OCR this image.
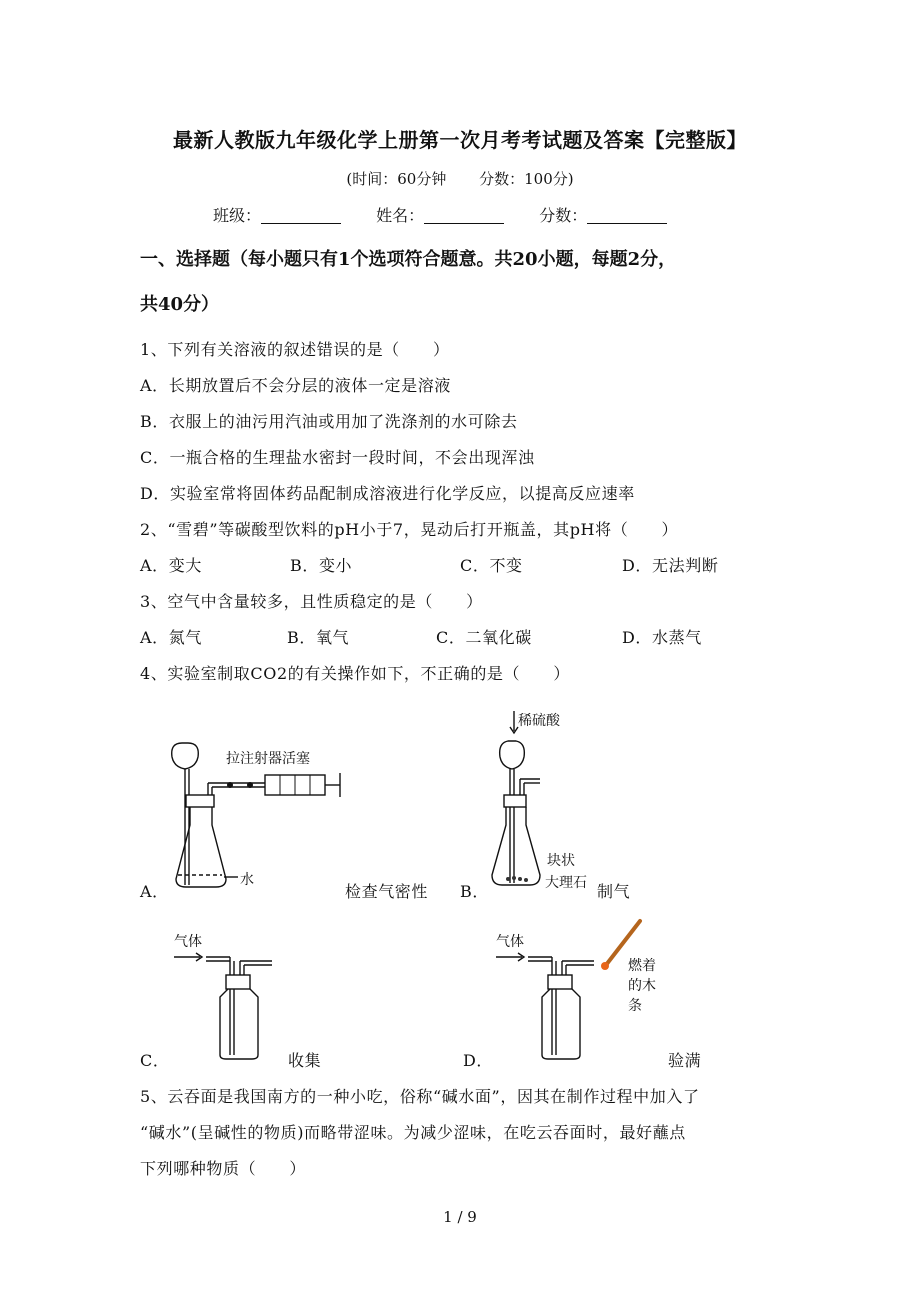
最新人教版九年级化学上册第一次月考考试题及答案【完整版】
(时间：60分钟 分数：100分)
班级：	姓名：	分数：
一、选择题（每小题只有1个选项符合题意。共20小题，每题2分，
共40分）
1、下列有关溶液的叙述错误的是（　　）
A．长期放置后不会分层的液体一定是溶液
B．衣服上的油污用汽油或用加了洗涤剂的水可除去
C．一瓶合格的生理盐水密封一段时间，不会出现浑浊
D．实验室常将固体药品配制成溶液进行化学反应，以提高反应速率
2、“雪碧”等碳酸型饮料的pH小于7，晃动后打开瓶盖，其pH将（　　）
A．变大	B．变小	C．不变	D．无法判断
3、空气中含量较多，且性质稳定的是（　　）
A．氮气	B．氧气	C．二氧化碳	D．水蒸气
4、实验室制取CO2的有关操作如下，不正确的是（　　）
拉注射器活塞
水
A．	检查气密性
稀硫酸
块状
大理石
B．	制气
气体
C．	收集
气体
燃着
的木
条
D．	验满
5、云吞面是我国南方的一种小吃，俗称“碱水面”，因其在制作过程中加入了
“碱水”(呈碱性的物质)而略带涩味。为减少涩味，在吃云吞面时，最好蘸点
下列哪种物质（　　）
1 / 9
